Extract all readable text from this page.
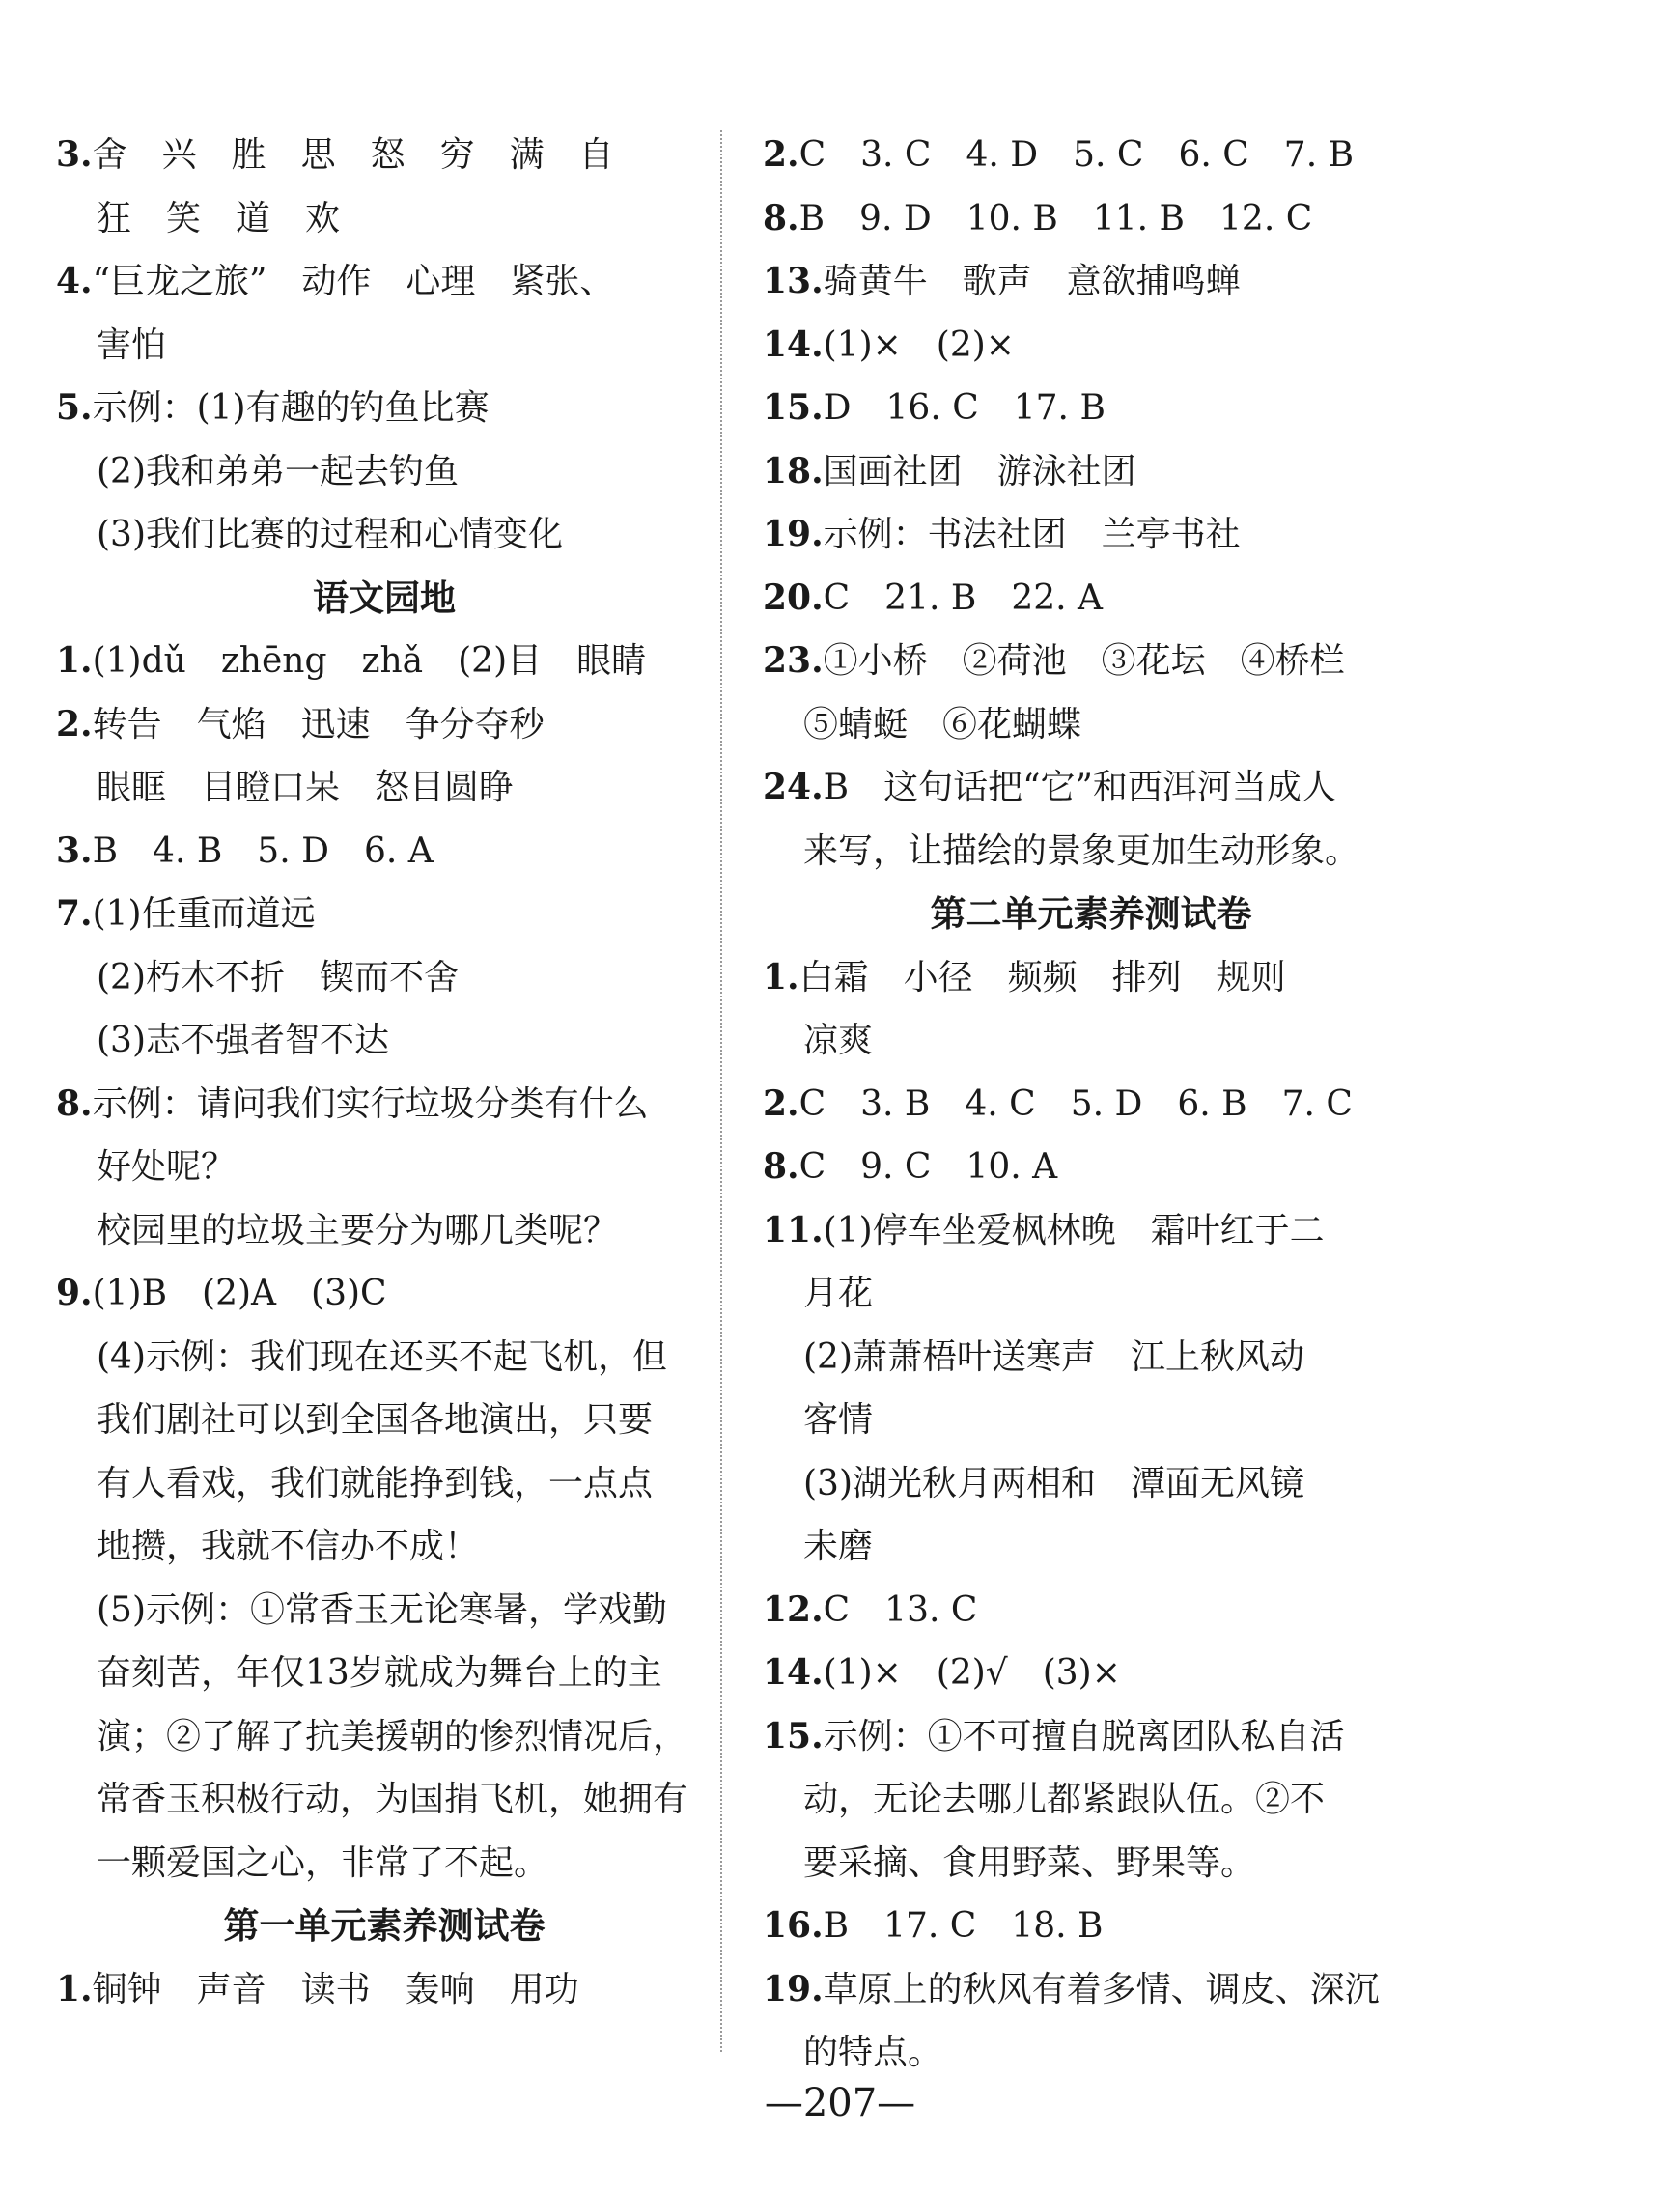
3.舍　兴　胜　思　怒　穷　满　自
狂　笑　道　欢
4.“巨龙之旅”　动作　心理　紧张、
害怕
5.示例：(1)有趣的钓鱼比赛
(2)我和弟弟一起去钓鱼
(3)我们比赛的过程和心情变化
语文园地
1.(1)dǔ　zhēng　zhǎ　(2)目　眼睛
2.转告　气焰　迅速　争分夺秒
眼眶　目瞪口呆　怒目圆睁
3.B　4. B　5. D　6. A
7.(1)任重而道远
(2)朽木不折　锲而不舍
(3)志不强者智不达
8.示例：请问我们实行垃圾分类有什么
好处呢？
校园里的垃圾主要分为哪几类呢？
9.(1)B　(2)A　(3)C
(4)示例：我们现在还买不起飞机，但
我们剧社可以到全国各地演出，只要
有人看戏，我们就能挣到钱，一点点
地攒，我就不信办不成！
(5)示例：①常香玉无论寒暑，学戏勤
奋刻苦，年仅13岁就成为舞台上的主
演；②了解了抗美援朝的惨烈情况后，
常香玉积极行动，为国捐飞机，她拥有
一颗爱国之心，非常了不起。
第一单元素养测试卷
1.铜钟　声音　读书　轰响　用功
2.C　3. C　4. D　5. C　6. C　7. B
8.B　9. D　10. B　11. B　12. C
13.骑黄牛　歌声　意欲捕鸣蝉
14.(1)×　(2)×
15.D　16. C　17. B
18.国画社团　游泳社团
19.示例：书法社团　兰亭书社
20.C　21. B　22. A
23.①小桥　②荷池　③花坛　④桥栏
⑤蜻蜓　⑥花蝴蝶
24.B　这句话把“它”和西洱河当成人
来写，让描绘的景象更加生动形象。
第二单元素养测试卷
1.白霜　小径　频频　排列　规则
凉爽
2.C　3. B　4. C　5. D　6. B　7. C
8.C　9. C　10. A
11.(1)停车坐爱枫林晚　霜叶红于二
月花
(2)萧萧梧叶送寒声　江上秋风动
客情
(3)湖光秋月两相和　潭面无风镜
未磨
12.C　13. C
14.(1)×　(2)√　(3)×
15.示例：①不可擅自脱离团队私自活
动，无论去哪儿都紧跟队伍。②不
要采摘、食用野菜、野果等。
16.B　17. C　18. B
19.草原上的秋风有着多情、调皮、深沉
的特点。
—207—
